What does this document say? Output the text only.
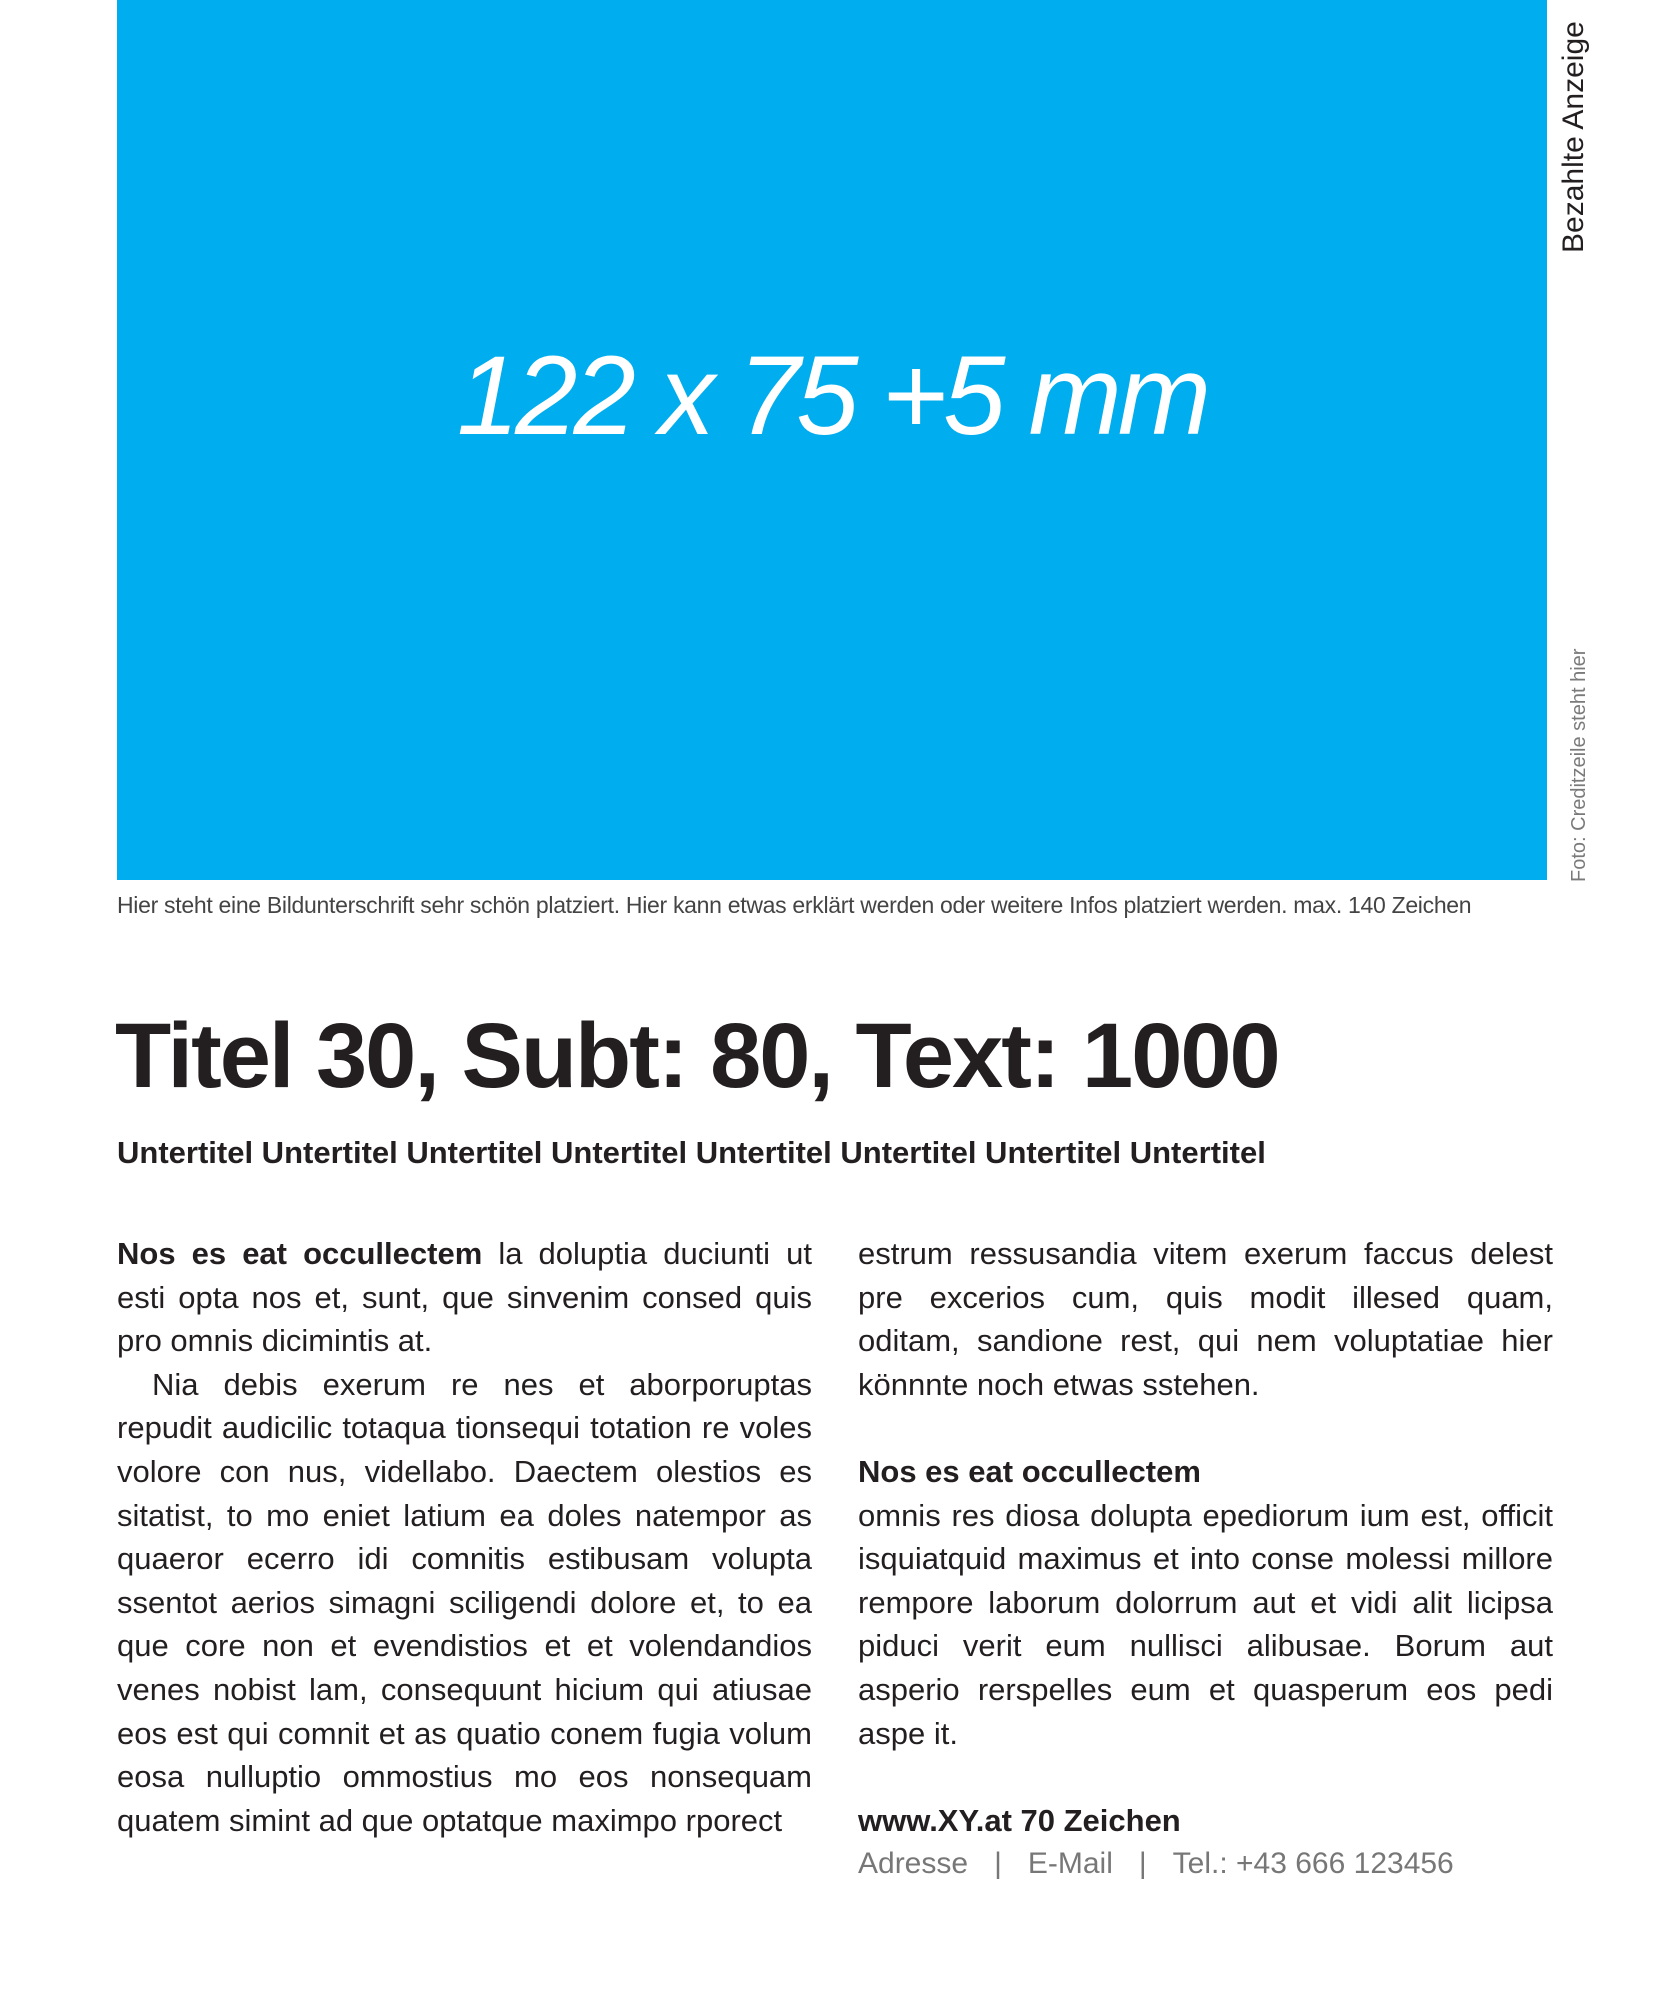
122 x 75 +5 mm
Bezahlte Anzeige
Foto: Creditzeile steht hier
Hier steht eine Bildunterschrift sehr schön platziert. Hier kann etwas erklärt werden oder weitere Infos platziert werden. max. 140 Zeichen
Titel 30, Subt: 80, Text: 1000
Untertitel Untertitel Untertitel Untertitel Untertitel Untertitel Untertitel Untertitel

Nos es eat occullectem la doluptia duciunti ut esti opta nos et, sunt, que sinvenim consed quis pro omnis dicimintis at.

Nia debis exerum re nes et aborporuptas repudit audicilic totaqua tionsequi totation re voles volore con nus, videllabo. Daectem olestios es sitatist, to mo eniet latium ea doles natempor as quaeror ecerro idi comnitis estibusam volupta ssentot aerios simagni sciligendi dolore et, to ea que core non et evendistios et et volendandios venes nobist lam, consequunt hicium qui atiusae eos est qui comnit et as quatio conem fugia volum eosa nulluptio ommostius mo eos nonsequam quatem simint ad que optatque maximpo rporect

estrum ressusandia vitem exerum faccus delest pre excerios cum, quis modit illesed quam, oditam, sandione rest, qui nem voluptatiae hier könnnte noch etwas sstehen.

Nos es eat occullectem

omnis res diosa dolupta epediorum ium est, officit isquiatquid maximus et into conse molessi millore rempore laborum dolorrum aut et vidi alit licipsa piduci verit eum nullisci alibusae. Borum aut asperio rerspelles eum et quasperum eos pedi aspe it.

www.XY.at 70 Zeichen

Adresse | E-Mail | Tel.: +43 666 123456
